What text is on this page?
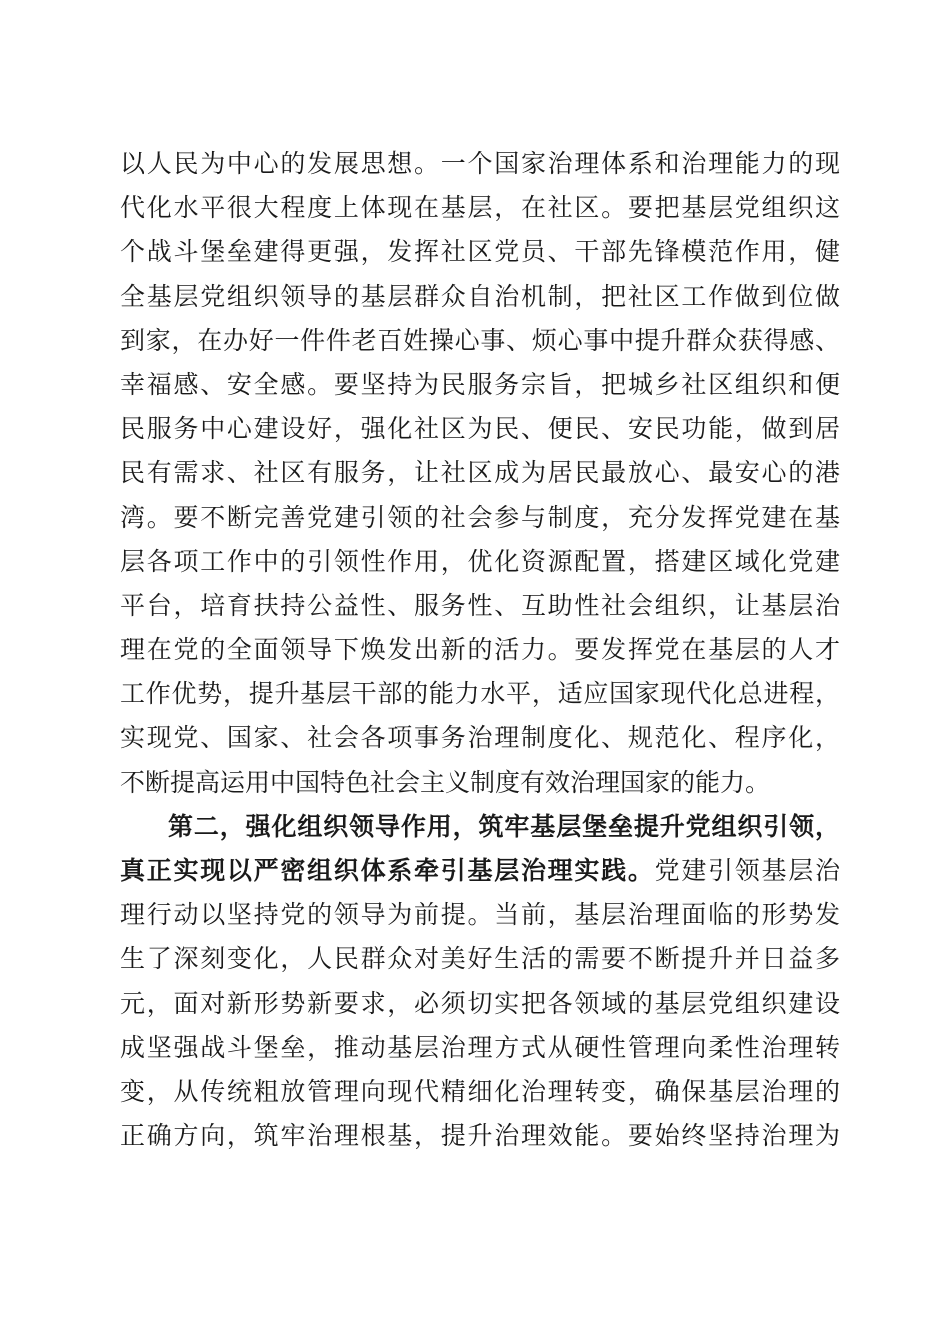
以人民为中心的发展思想。一个国家治理体系和治理能力的现
代化水平很大程度上体现在基层，在社区。要把基层党组织这
个战斗堡垒建得更强，发挥社区党员、干部先锋模范作用，健
全基层党组织领导的基层群众自治机制，把社区工作做到位做
到家，在办好一件件老百姓操心事、烦心事中提升群众获得感、
幸福感、安全感。要坚持为民服务宗旨，把城乡社区组织和便
民服务中心建设好，强化社区为民、便民、安民功能，做到居
民有需求、社区有服务，让社区成为居民最放心、最安心的港
湾。要不断完善党建引领的社会参与制度，充分发挥党建在基
层各项工作中的引领性作用，优化资源配置，搭建区域化党建
平台，培育扶持公益性、服务性、互助性社会组织，让基层治
理在党的全面领导下焕发出新的活力。要发挥党在基层的人才
工作优势，提升基层干部的能力水平，适应国家现代化总进程，
实现党、国家、社会各项事务治理制度化、规范化、程序化，
不断提高运用中国特色社会主义制度有效治理国家的能力。
第二，强化组织领导作用，筑牢基层堡垒提升党组织引领，
真正实现以严密组织体系牵引基层治理实践。党建引领基层治
理行动以坚持党的领导为前提。当前，基层治理面临的形势发
生了深刻变化，人民群众对美好生活的需要不断提升并日益多
元，面对新形势新要求，必须切实把各领域的基层党组织建设
成坚强战斗堡垒，推动基层治理方式从硬性管理向柔性治理转
变，从传统粗放管理向现代精细化治理转变，确保基层治理的
正确方向，筑牢治理根基，提升治理效能。要始终坚持治理为
